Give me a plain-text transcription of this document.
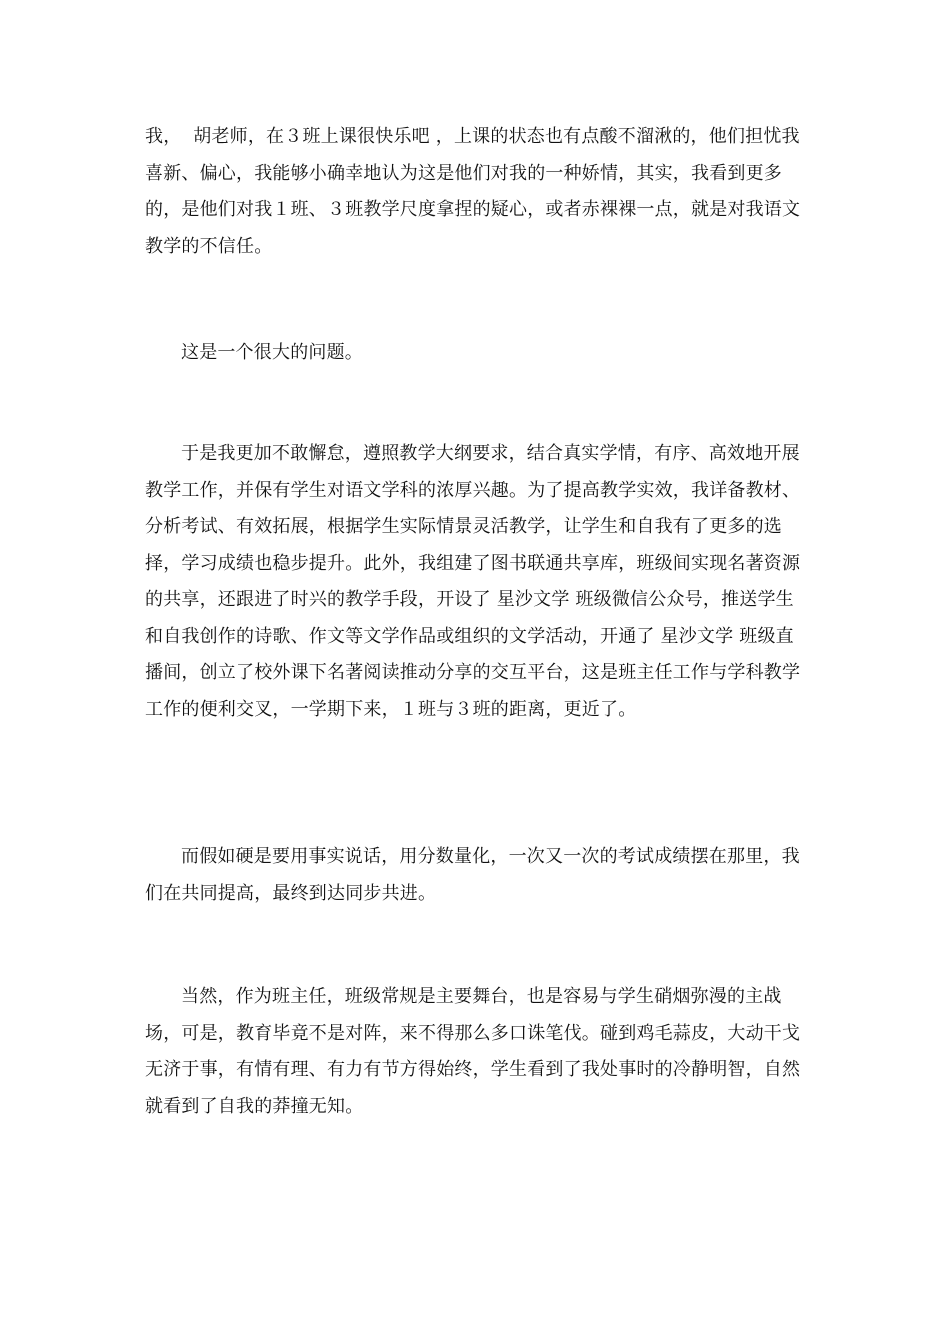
我，  胡老师，在３班上课很快乐吧 ，上课的状态也有点酸不溜湫的，他们担忧我喜新、偏心，我能够小确幸地认为这是他们对我的一种娇情，其实，我看到更多的，是他们对我１班、３班教学尺度拿捏的疑心，或者赤裸裸一点，就是对我语文教学的不信任。

这是一个很大的问题。

于是我更加不敢懈怠，遵照教学大纲要求，结合真实学情，有序、高效地开展教学工作，并保有学生对语文学科的浓厚兴趣。为了提高教学实效，我详备教材、分析考试、有效拓展，根据学生实际情景灵活教学，让学生和自我有了更多的选择，学习成绩也稳步提升。此外，我组建了图书联通共享库，班级间实现名著资源的共享，还跟进了时兴的教学手段，开设了 星沙文学 班级微信公众号，推送学生和自我创作的诗歌、作文等文学作品或组织的文学活动，开通了 星沙文学 班级直播间，创立了校外课下名著阅读推动分享的交互平台，这是班主任工作与学科教学工作的便利交叉，一学期下来，１班与３班的距离，更近了。

而假如硬是要用事实说话，用分数量化，一次又一次的考试成绩摆在那里，我们在共同提高，最终到达同步共进。

当然，作为班主任，班级常规是主要舞台，也是容易与学生硝烟弥漫的主战场，可是，教育毕竟不是对阵，来不得那么多口诛笔伐。碰到鸡毛蒜皮，大动干戈无济于事，有情有理、有力有节方得始终，学生看到了我处事时的冷静明智，自然就看到了自我的莽撞无知。
